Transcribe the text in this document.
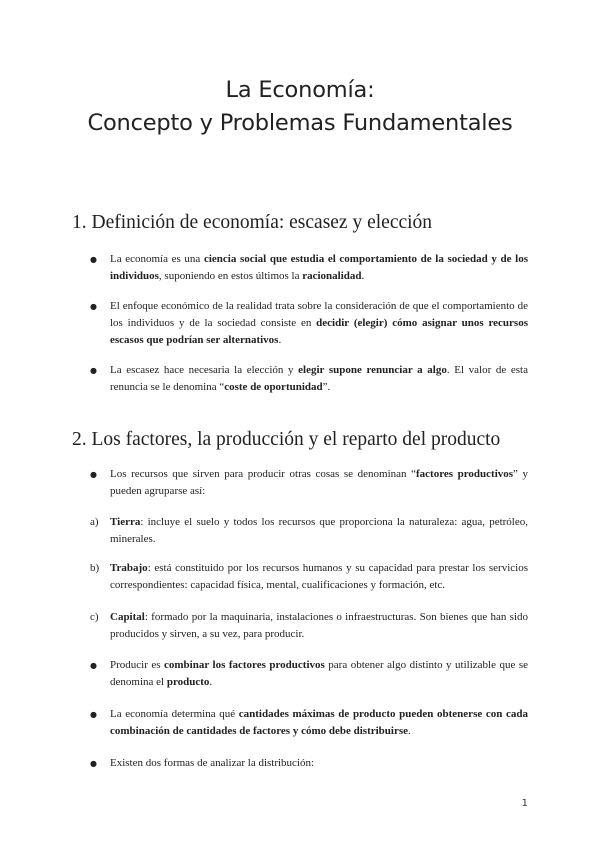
La Economía:
Concepto y Problemas Fundamentales
1. Definición de economía: escasez y elección
● La economía es una ciencia social que estudia el comportamiento de la sociedad y de los individuos, suponiendo en estos últimos la racionalidad.
● El enfoque económico de la realidad trata sobre la consideración de que el comportamiento de los individuos y de la sociedad consiste en decidir (elegir) cómo asignar unos recursos escasos que podrían ser alternativos.
● La escasez hace necesaria la elección y elegir supone renunciar a algo. El valor de esta renuncia se le denomina “coste de oportunidad”.
2. Los factores, la producción y el reparto del producto
● Los recursos que sirven para producir otras cosas se denominan “factores productivos” y pueden agruparse así:
a)	Tierra: incluye el suelo y todos los recursos que proporciona la naturaleza: agua, petróleo, minerales.
b) Trabajo: está constituido por los recursos humanos y su capacidad para prestar los servicios correspondientes: capacidad física, mental, cualificaciones y formación, etc.
c)	Capital: formado por la maquinaria, instalaciones o infraestructuras. Son bienes que han sido producidos y sirven, a su vez, para producir.
● Producir es combinar los factores productivos para obtener algo distinto y utilizable que se denomina el producto.
● La economía determina qué cantidades máximas de producto pueden obtenerse con cada combinación de cantidades de factores y cómo debe distribuirse.
● Existen dos formas de analizar la distribución:
1
